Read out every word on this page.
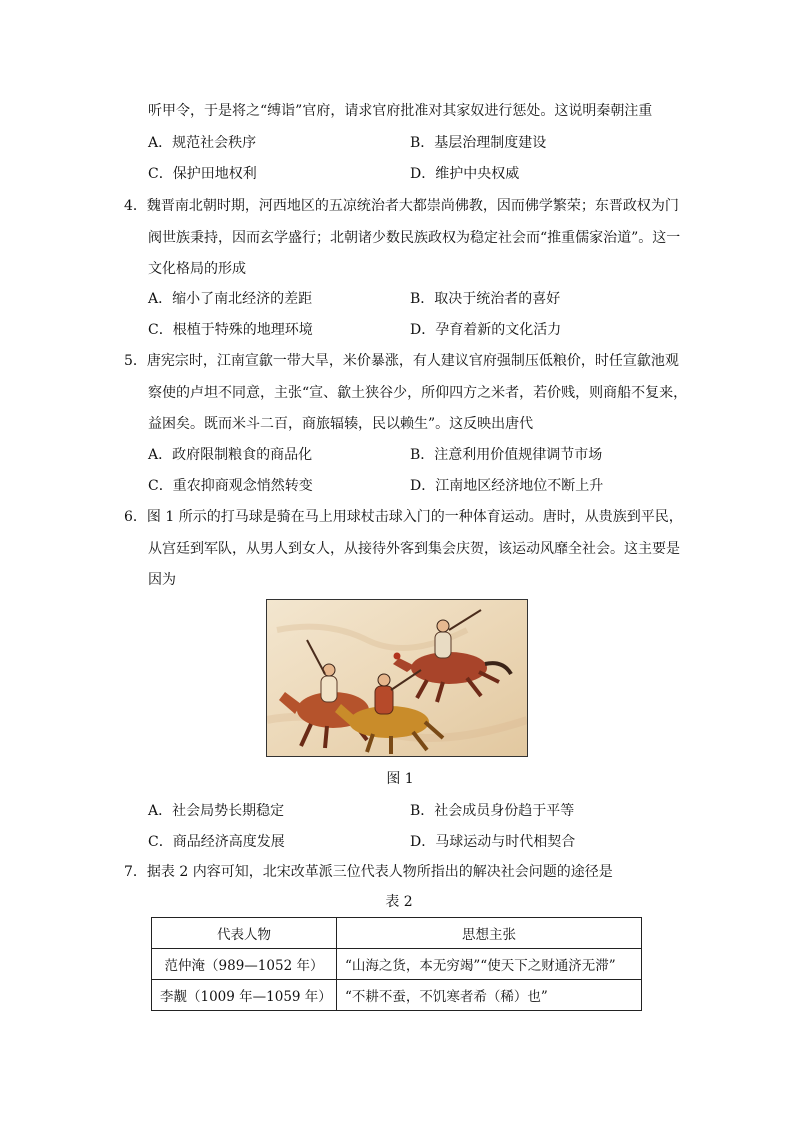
听甲令，于是将之“缚诣”官府，请求官府批准对其家奴进行惩处。这说明秦朝注重
A．规范社会秩序	B．基层治理制度建设
C．保护田地权利	D．维护中央权威
4．魏晋南北朝时期，河西地区的五凉统治者大都崇尚佛教，因而佛学繁荣；东晋政权为门
阀世族秉持，因而玄学盛行；北朝诸少数民族政权为稳定社会而“推重儒家治道”。这一
文化格局的形成
A．缩小了南北经济的差距	B．取决于统治者的喜好
C．根植于特殊的地理环境	D．孕育着新的文化活力
5．唐宪宗时，江南宣歙一带大旱，米价暴涨，有人建议官府强制压低粮价，时任宣歙池观
察使的卢坦不同意，主张“宣、歙土狭谷少，所仰四方之米者，若价贱，则商船不复来，
益困矣。既而米斗二百，商旅辐辏，民以赖生”。这反映出唐代
A．政府限制粮食的商品化	B．注意利用价值规律调节市场
C．重农抑商观念悄然转变	D．江南地区经济地位不断上升
6．图 1 所示的打马球是骑在马上用球杖击球入门的一种体育运动。唐时，从贵族到平民，
从宫廷到军队，从男人到女人，从接待外客到集会庆贺，该运动风靡全社会。这主要是
因为
图 1
A．社会局势长期稳定	B．社会成员身份趋于平等
C．商品经济高度发展	D．马球运动与时代相契合
7．据表 2 内容可知，北宋改革派三位代表人物所指出的解决社会问题的途径是
表 2
代表人物	思想主张
范仲淹（989—1052 年）	“山海之货，本无穷竭”“使天下之财通济无滞”
李觏（1009 年—1059 年）	“不耕不蚕，不饥寒者希（稀）也”
